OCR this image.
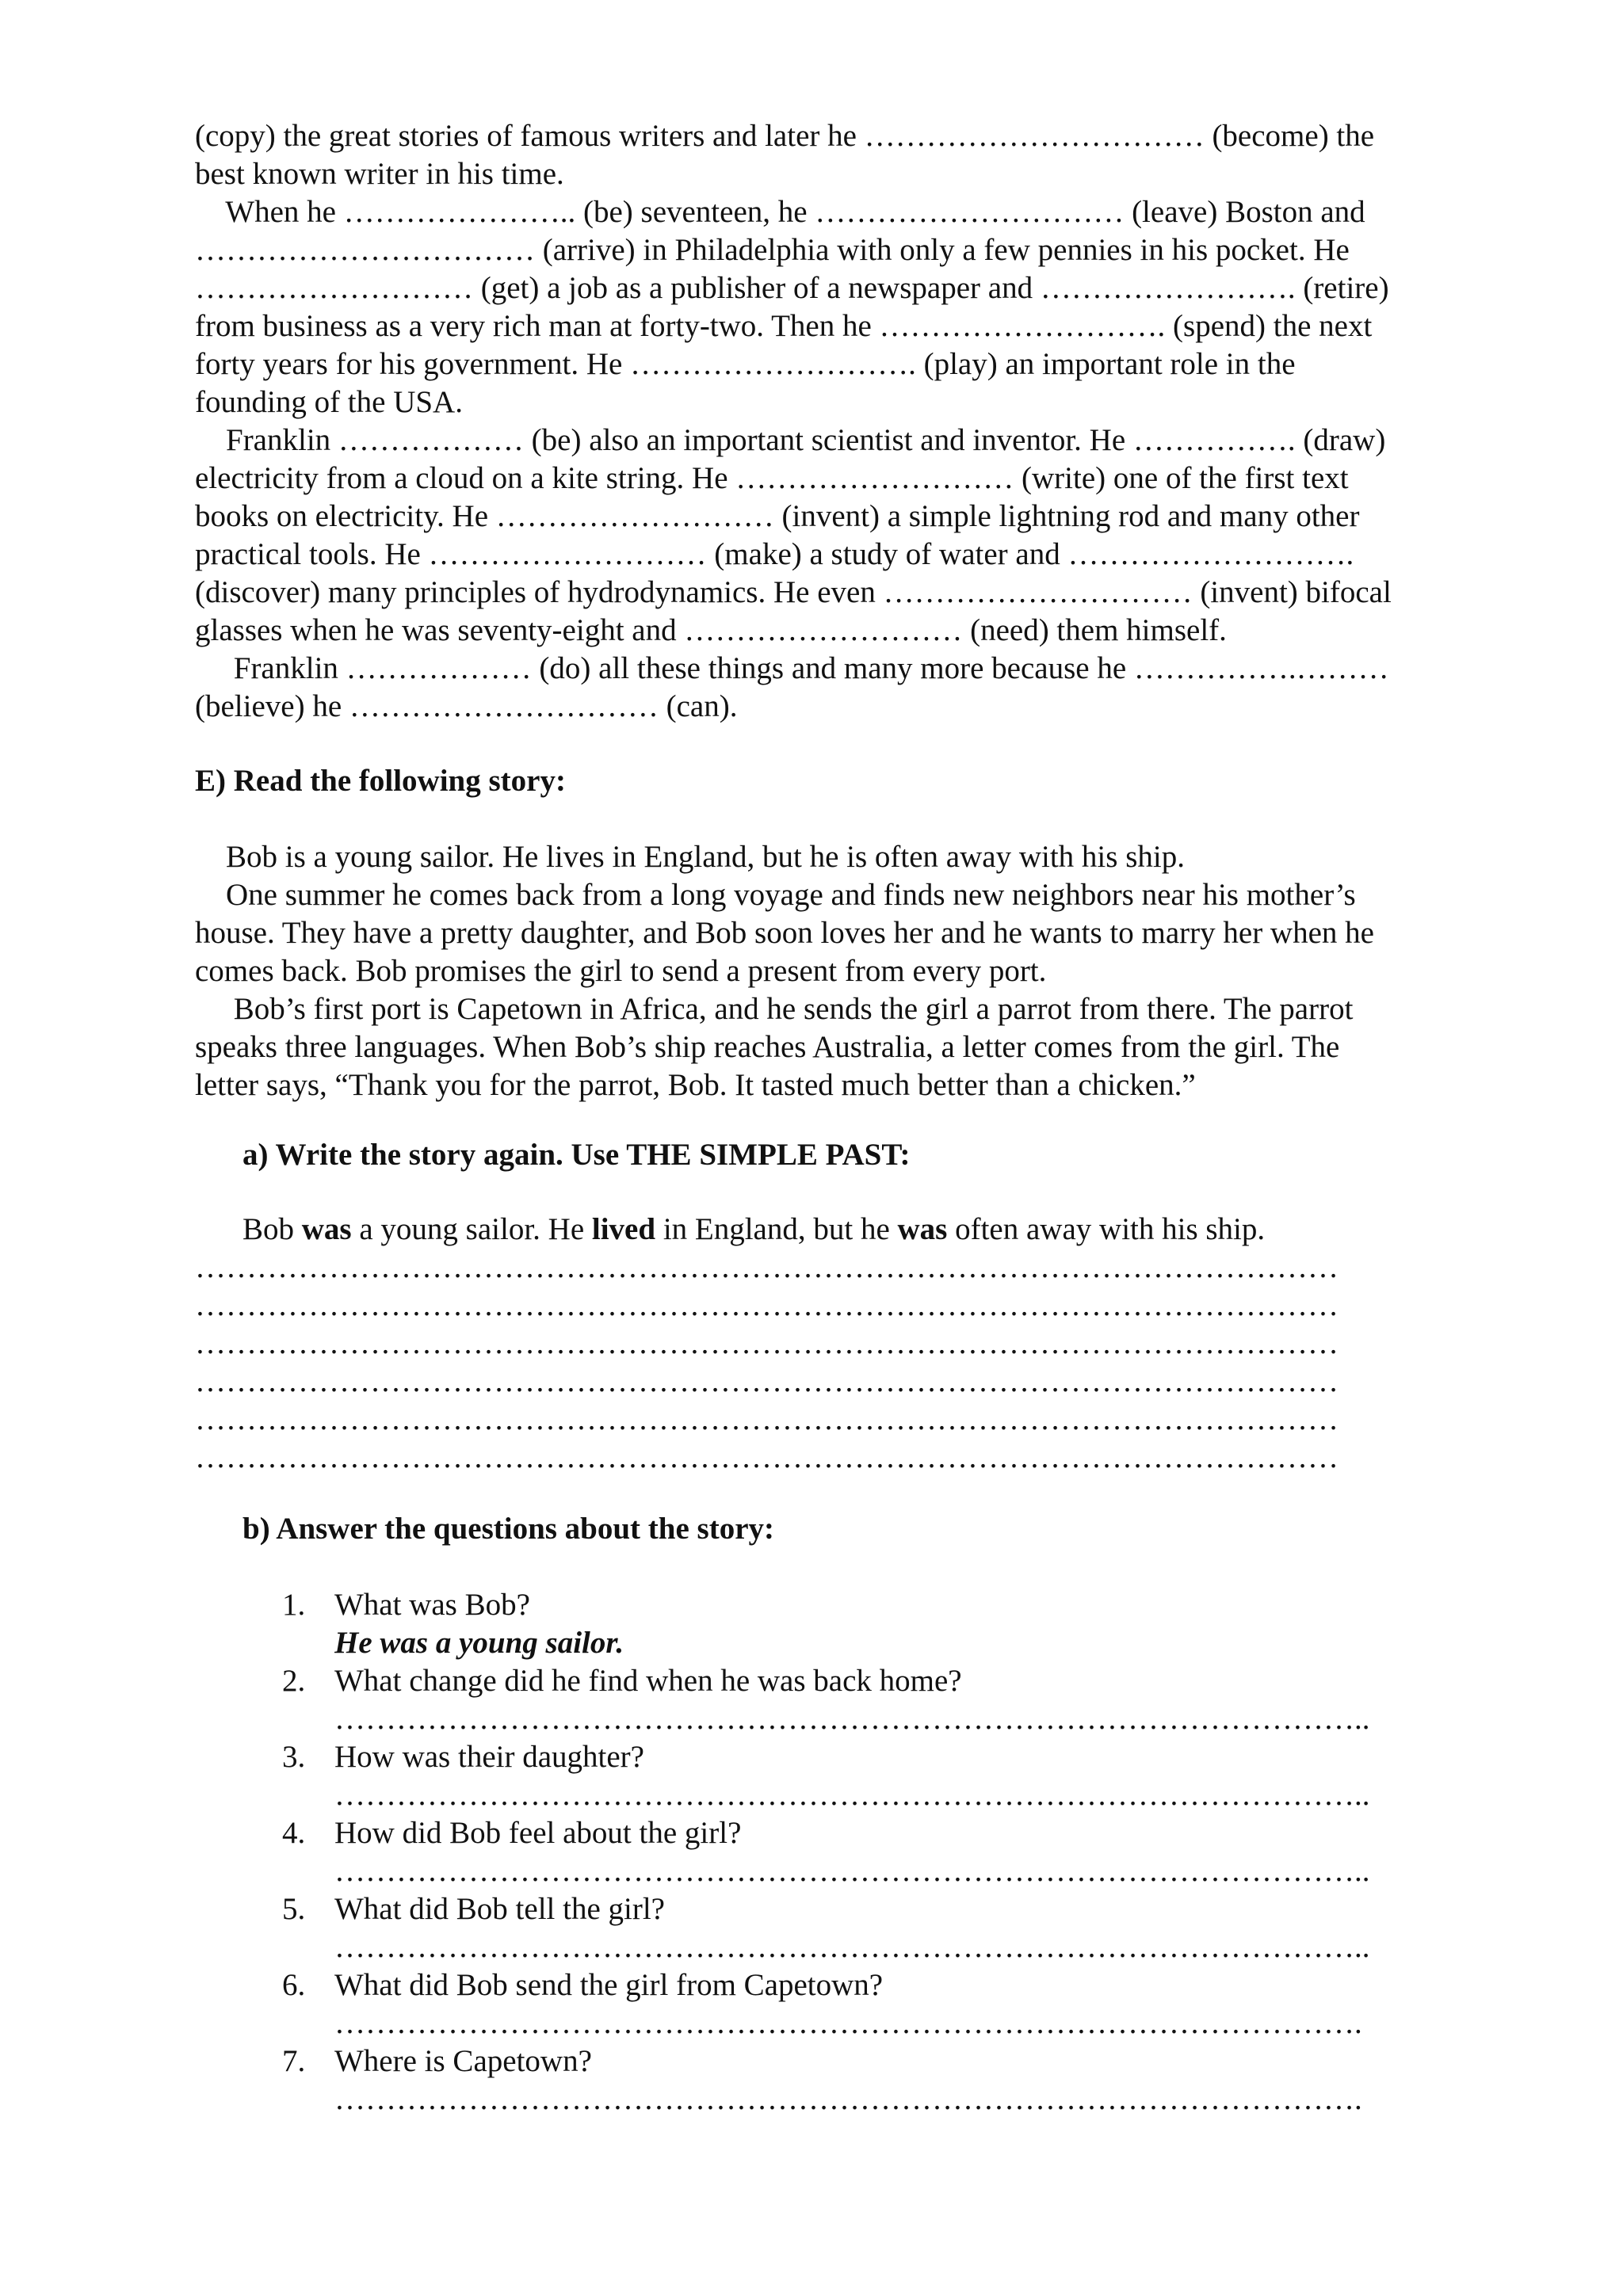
(copy) the great stories of famous writers and later he …………………………… (become) the
best known writer in his time.
When he ………………….. (be) seventeen, he ………………………… (leave) Boston and
…………………………… (arrive) in Philadelphia with only a few pennies in his pocket. He
……………………… (get) a job as a publisher of a newspaper and ……………………. (retire)
from business as a very rich man at forty-two. Then he ………………………. (spend) the next
forty years for his government. He ………………………. (play) an important role in the
founding of the USA.
Franklin ……………… (be) also an important scientist and inventor. He ……………. (draw)
electricity from a cloud on a kite string. He ……………………… (write) one of the first text
books on electricity. He ……………………… (invent) a simple lightning rod and many other
practical tools. He ……………………… (make) a study of water and ……………………….
(discover) many principles of hydrodynamics. He even ………………………… (invent) bifocal
glasses when he was seventy-eight and ……………………… (need) them himself.
Franklin ……………… (do) all these things and many more because he …………….………
(believe) he ………………………… (can).
E) Read the following story:
Bob is a young sailor. He lives in England, but he is often away with his ship.
One summer he comes back from a long voyage and finds new neighbors near his mother’s
house. They have a pretty daughter, and Bob soon loves her and he wants to marry her when he
comes back. Bob promises the girl to send a present from every port.
Bob’s first port is Capetown in Africa, and he sends the girl a parrot from there. The parrot
speaks three languages. When Bob’s ship reaches Australia, a letter comes from the girl. The
letter says, “Thank you for the parrot, Bob. It tasted much better than a chicken.”
a) Write the story again. Use THE SIMPLE PAST:
Bob was a young sailor. He lived in England, but he was often away with his ship.
…………………………………………………………………………………………………
…………………………………………………………………………………………………
…………………………………………………………………………………………………
…………………………………………………………………………………………………
…………………………………………………………………………………………………
…………………………………………………………………………………………………
b) Answer the questions about the story:
1. What was Bob?
He was a young sailor.
2. What change did he find when he was back home?
………………………………………………………………………………………..
3. How was their daughter?
………………………………………………………………………………………..
4. How did Bob feel about the girl?
………………………………………………………………………………………..
5. What did Bob tell the girl?
………………………………………………………………………………………..
6. What did Bob send the girl from Capetown?
……………………………………………………………………………………….
7. Where is Capetown?
……………………………………………………………………………………….
